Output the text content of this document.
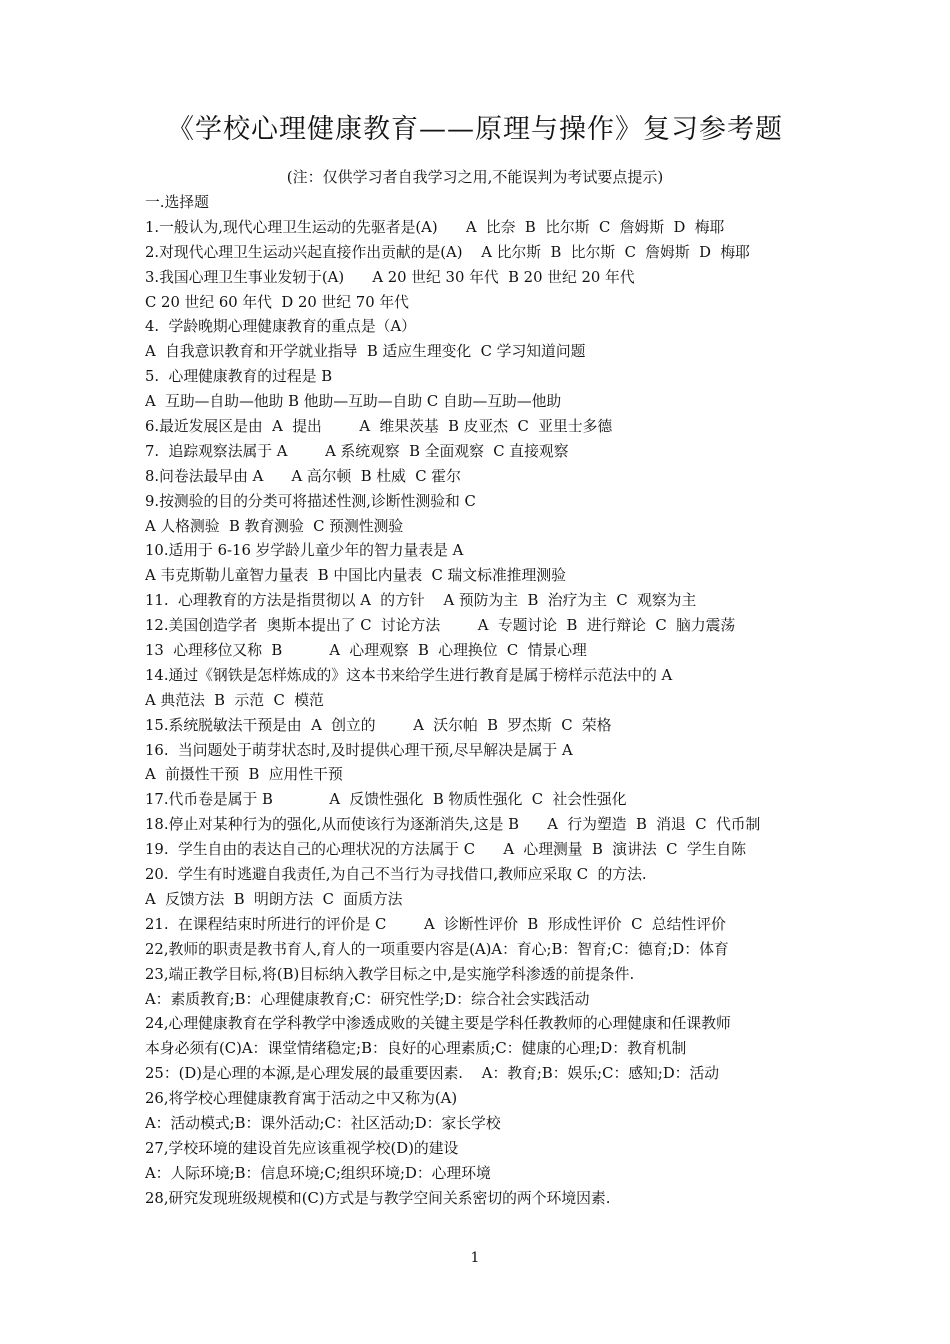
《学校心理健康教育——原理与操作》复习参考题
(注：仅供学习者自我学习之用,不能误判为考试要点提示)
一.选择题
1.一般认为,现代心理卫生运动的先驱者是(A)      A  比奈  B  比尔斯  C  詹姆斯  D  梅耶
2.对现代心理卫生运动兴起直接作出贡献的是(A)    A 比尔斯  B  比尔斯  C  詹姆斯  D  梅耶
3.我国心理卫生事业发轫于(A)      A 20 世纪 30 年代  B 20 世纪 20 年代
C 20 世纪 60 年代  D 20 世纪 70 年代
4.  学龄晚期心理健康教育的重点是（A）
A  自我意识教育和开学就业指导  B 适应生理变化  C 学习知道问题
5.  心理健康教育的过程是 B
A  互助—自助—他助 B 他助—互助—自助 C 自助—互助—他助
6.最近发展区是由  A  提出        A  维果茨基  B 皮亚杰  C  亚里士多德
7.  追踪观察法属于 A        A 系统观察  B 全面观察  C 直接观察
8.问卷法最早由 A      A 高尔顿  B 杜威  C 霍尔
9.按测验的目的分类可将描述性测,诊断性测验和 C
A 人格测验  B 教育测验  C 预测性测验
10.适用于 6-16 岁学龄儿童少年的智力量表是 A
A 韦克斯勒儿童智力量表  B 中国比内量表  C 瑞文标准推理测验
11.  心理教育的方法是指贯彻以 A  的方针    A 预防为主  B  治疗为主  C  观察为主
12.美国创造学者  奥斯本提出了 C  讨论方法        A  专题讨论  B  进行辩论  C  脑力震荡
13  心理移位又称  B          A  心理观察  B  心理换位  C  情景心理
14.通过《钢铁是怎样炼成的》这本书来给学生进行教育是属于榜样示范法中的 A
A 典范法  B  示范  C  模范
15.系统脱敏法干预是由  A  创立的        A  沃尔帕  B  罗杰斯  C  荣格
16.  当问题处于萌芽状态时,及时提供心理干预,尽早解决是属于 A
A  前摄性干预  B  应用性干预
17.代币卷是属于 B            A  反馈性强化  B 物质性强化  C  社会性强化
18.停止对某种行为的强化,从而使该行为逐渐消失,这是 B      A  行为塑造  B  消退  C  代币制
19.  学生自由的表达自己的心理状况的方法属于 C      A  心理测量  B  演讲法  C  学生自陈
20.  学生有时逃避自我责任,为自己不当行为寻找借口,教师应采取 C  的方法.
A  反馈方法  B  明朗方法  C  面质方法
21.  在课程结束时所进行的评价是 C        A  诊断性评价  B  形成性评价  C  总结性评价
22,教师的职责是教书育人,育人的一项重要内容是(A)A：育心;B：智育;C：德育;D：体育
23,端正教学目标,将(B)目标纳入教学目标之中,是实施学科渗透的前提条件.
A：素质教育;B：心理健康教育;C：研究性学;D：综合社会实践活动
24,心理健康教育在学科教学中渗透成败的关键主要是学科任教教师的心理健康和任课教师
本身必须有(C)A：课堂情绪稳定;B：良好的心理素质;C：健康的心理;D：教育机制
25：(D)是心理的本源,是心理发展的最重要因素.    A：教育;B：娱乐;C：感知;D：活动
26,将学校心理健康教育寓于活动之中又称为(A)
A：活动模式;B：课外活动;C：社区活动;D：家长学校
27,学校环境的建设首先应该重视学校(D)的建设
A：人际环境;B：信息环境;C;组织环境;D：心理环境
28,研究发现班级规模和(C)方式是与教学空间关系密切的两个环境因素.
1
